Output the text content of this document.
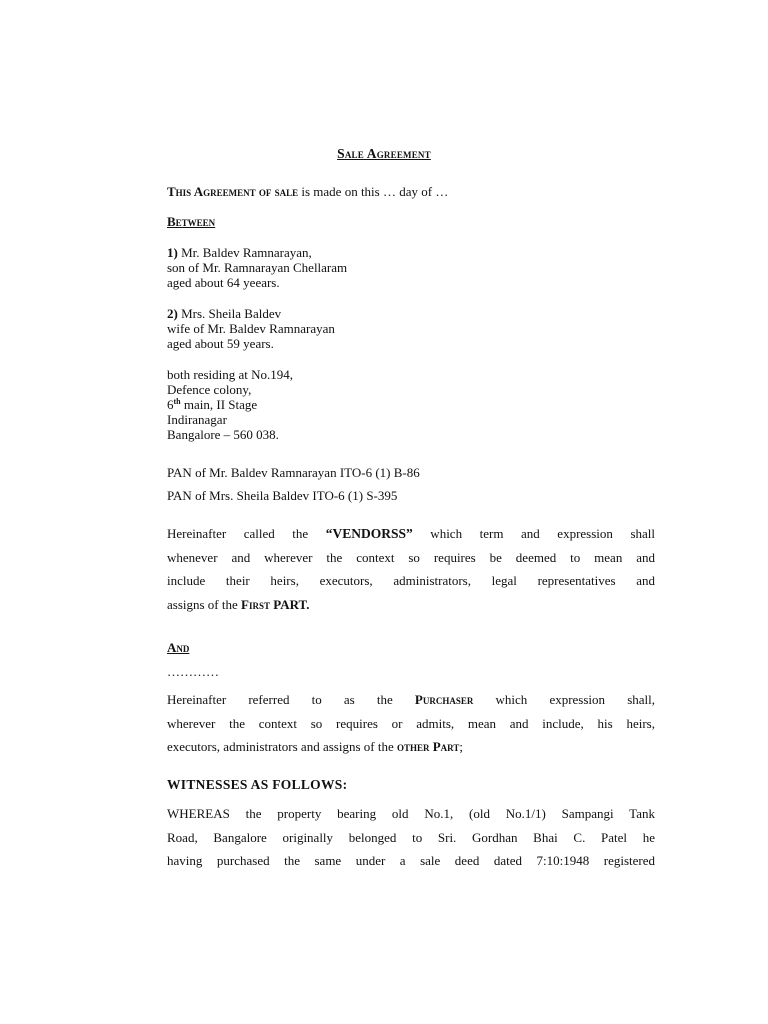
Sale Agreement
This Agreement of sale is made on this … day of …
Between
1) Mr. Baldev Ramnarayan,
son of Mr. Ramnarayan Chellaram
aged about 64 yeears.
2) Mrs. Sheila Baldev
wife of Mr. Baldev Ramnarayan
aged about 59 years.
both residing at No.194,
Defence colony,
6th main, II Stage
Indiranagar
Bangalore – 560 038.
PAN of Mr. Baldev Ramnarayan ITO-6 (1) B-86
PAN of Mrs. Sheila Baldev ITO-6 (1) S-395
Hereinafter called the “VENDORSS” which term and expression shall
whenever and wherever the context so requires be deemed to mean and
include their heirs, executors, administrators, legal representatives and
assigns of the First PART.
And
…………
Hereinafter referred to as the Purchaser which expression shall,
wherever the context so requires or admits, mean and include, his heirs,
executors, administrators and assigns of the other Part;
WITNESSES AS FOLLOWS:
WHEREAS the property bearing old No.1, (old No.1/1) Sampangi Tank
Road, Bangalore originally belonged to Sri. Gordhan Bhai C. Patel he
having purchased the same under a sale deed dated 7:10:1948 registered
